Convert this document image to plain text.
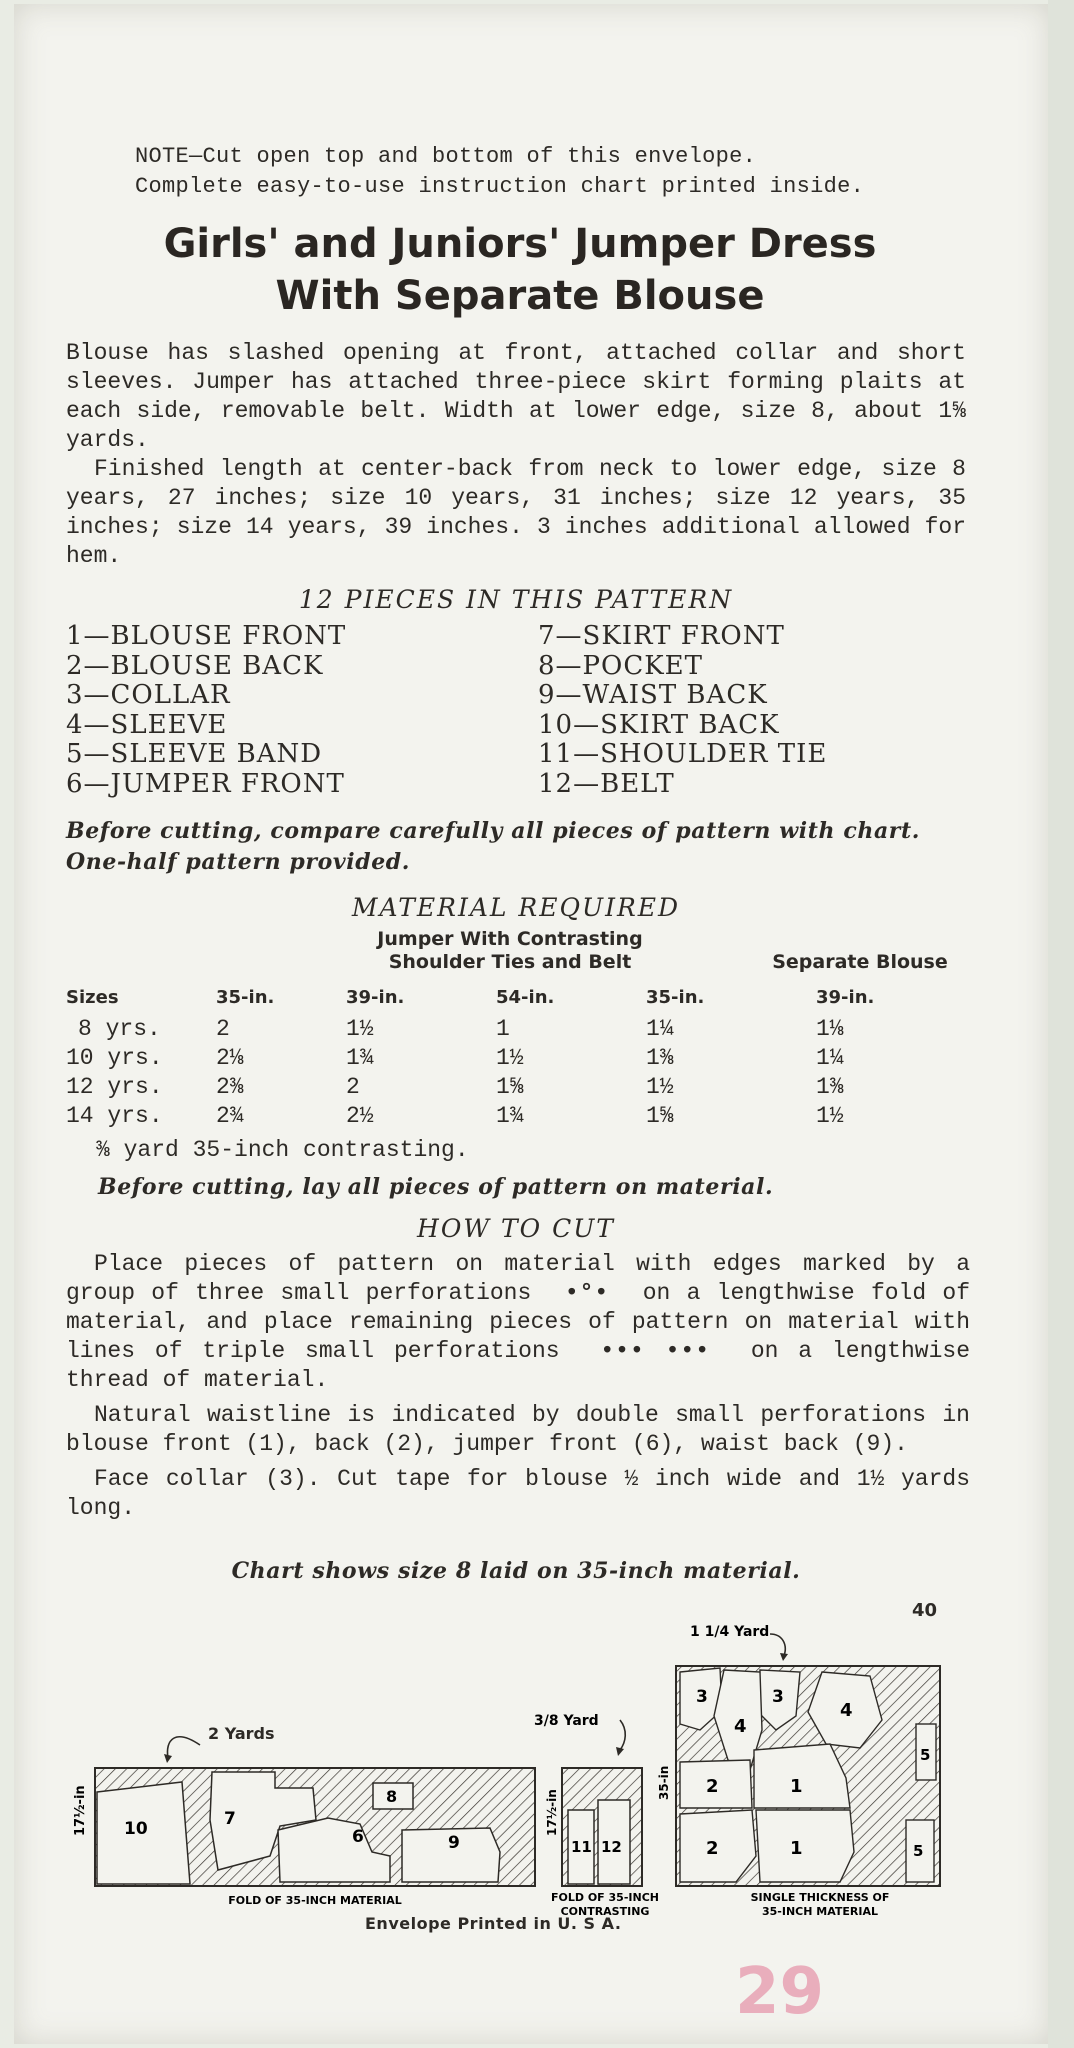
NOTE—Cut open top and bottom of this envelope.
Complete easy-to-use instruction chart printed inside.
Girls' and Juniors' Jumper Dress
With Separate Blouse

Blouse has slashed opening at front, attached collar and short sleeves. Jumper has attached three-piece skirt forming plaits at each side, removable belt. Width at lower edge, size 8, about 1⅝ yards.

Finished length at center-back from neck to lower edge, size 8 years, 27 inches; size 10 years, 31 inches; size 12 years, 35 inches; size 14 years, 39 inches. 3 inches additional allowed for hem.

12 PIECES IN THIS PATTERN
1—BLOUSE FRONT
2—BLOUSE BACK
3—COLLAR
4—SLEEVE
5—SLEEVE BAND
6—JUMPER FRONT
7—SKIRT FRONT
8—POCKET
9—WAIST BACK
10—SKIRT BACK
11—SHOULDER TIE
12—BELT
Before cutting, compare carefully all pieces of pattern with chart.
One-half pattern provided.
MATERIAL REQUIRED
Jumper With Contrasting
Shoulder Ties and Belt	Separate Blouse
Sizes	35-in.	39-in.	54-in.	35-in.	39-in.
8 yrs.	2	1½	1	1¼	1⅛
10 yrs.	2⅛	1¾	1½	1⅜	1¼
12 yrs.	2⅜	2	1⅝	1½	1⅜
14 yrs.	2¾	2½	1¾	1⅝	1½
⅜ yard 35-inch contrasting.
Before cutting, lay all pieces of pattern on material.
HOW TO CUT

Place pieces of pattern on material with edges marked by a group of three small perforations  •°•  on a lengthwise fold of material, and place remaining pieces of pattern on material with lines of triple small perforations  ••• •••  on a lengthwise thread of material.

Natural waistline is indicated by double small perforations in blouse front (1), back (2), jumper front (6), waist back (9).

Face collar (3). Cut tape for blouse ½ inch wide and 1½ yards long.

Chart shows size 8 laid on 35-inch material.
40
2 Yards
10	7
8
6	9
17½-in
FOLD OF 35-INCH MATERIAL
3/8 Yard
11 12
17½-in
FOLD OF 35-INCH
CONTRASTING
1 1/4 Yard
3	3
4
4
2	1
2	1
5
5
35-in
SINGLE THICKNESS OF
35-INCH MATERIAL
Envelope Printed in U. S A.
29
